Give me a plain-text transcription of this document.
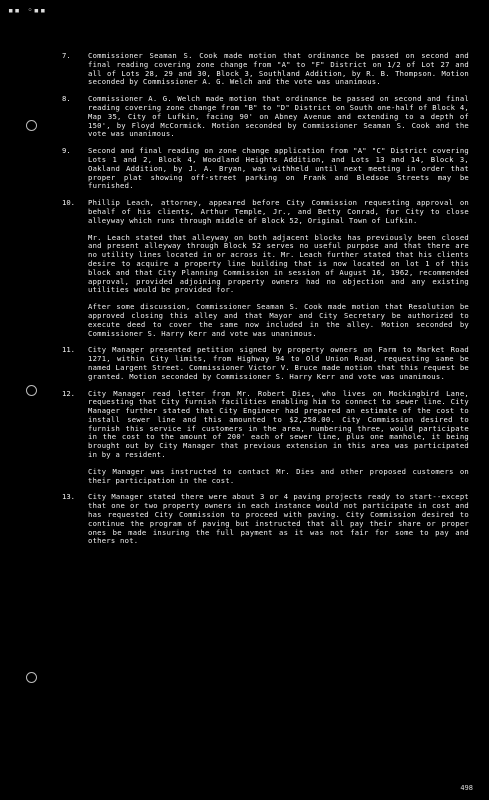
▪▪ ◦▪▪
7. Commissioner Seaman S. Cook made motion that ordinance be passed on second and final reading covering zone change from "A" to "F" District on 1/2 of Lot 27 and all of Lots 28, 29 and 30, Block 3, Southland Addition, by R. B. Thompson. Motion seconded by Commissioner A. G. Welch and the vote was unanimous.

8. Commissioner A. G. Welch made motion that ordinance be passed on second and final reading covering zone change from "B" to "D" District on South one-half of Block 4, Map 35, City of Lufkin, facing 90' on Abney Avenue and extending to a depth of 150', by Floyd McCormick. Motion seconded by Commissioner Seaman S. Cook and the vote was unanimous.

9. Second and final reading on zone change application from "A" "C" District covering Lots 1 and 2, Block 4, Woodland Heights Addition, and Lots 13 and 14, Block 3, Oakland Addition, by J. A. Bryan, was withheld until next meeting in order that proper plat showing off-street parking on Frank and Bledsoe Streets may be furnished.

10. Phillip Leach, attorney, appeared before City Commission requesting approval on behalf of his clients, Arthur Temple, Jr., and Betty Conrad, for City to close alleyway which runs through middle of Block 52, Original Town of Lufkin.

Mr. Leach stated that alleyway on both adjacent blocks has previously been closed and present alleyway through Block 52 serves no useful purpose and that there are no utility lines located in or across it. Mr. Leach further stated that his clients desire to acquire a property line building that is now located on lot 1 of this block and that City Planning Commission in session of August 16, 1962, recommended approval, provided adjoining property owners had no objection and any existing utilities would be provided for.

After some discussion, Commissioner Seaman S. Cook made motion that Resolution be approved closing this alley and that Mayor and City Secretary be authorized to execute deed to cover the same now included in the alley. Motion seconded by Commissioner S. Harry Kerr and vote was unanimous.

11. City Manager presented petition signed by property owners on Farm to Market Road 1271, within City limits, from Highway 94 to Old Union Road, requesting same be named Largent Street. Commissioner Victor V. Bruce made motion that this request be granted. Motion seconded by Commissioner S. Harry Kerr and vote was unanimous.

12. City Manager read letter from Mr. Robert Dies, who lives on Mockingbird Lane, requesting that City furnish facilities enabling him to connect to sewer line. City Manager further stated that City Engineer had prepared an estimate of the cost to install sewer line and this amounted to $2,250.00. City Commission desired to furnish this service if customers in the area, numbering three, would participate in the cost to the amount of 200' each of sewer line, plus one manhole, it being brought out by City Manager that previous extension in this area was participated in by a resident.

City Manager was instructed to contact Mr. Dies and other proposed customers on their participation in the cost.

13. City Manager stated there were about 3 or 4 paving projects ready to start--except that one or two property owners in each instance would not participate in cost and has requested City Commission to proceed with paving. City Commission desired to continue the program of paving but instructed that all pay their share or proper ones be made insuring the full payment as it was not fair for some to pay and others not.

498
